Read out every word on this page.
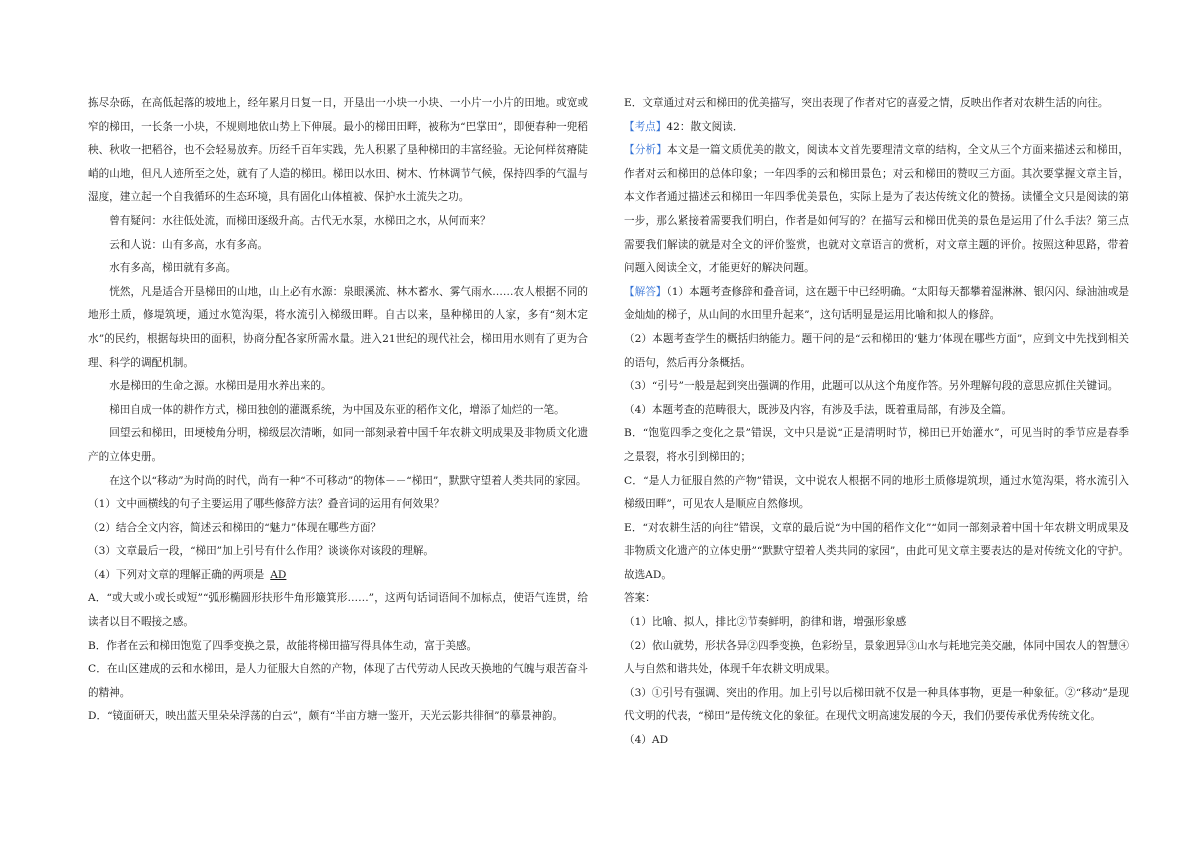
拣尽杂砾，在高低起落的坡地上，经年累月日复一日，开垦出一小块一小块、一小片一小片的田地。或宽或窄的梯田，一长条一小块，不规则地依山势上下伸展。最小的梯田田畔，被称为“巴掌田”，即便春种一兜稻秧、秋收一把稻谷，也不会轻易放弃。历经千百年实践，先人积累了垦种梯田的丰富经验。无论何样贫瘠陡峭的山地，但凡人迹所至之处，就有了人造的梯田。梯田以水田、树木、竹林调节气候，保持四季的气温与湿度，建立起一个自我循环的生态环境，具有固化山体植被、保护水土流失之功。

曾有疑问：水往低处流，而梯田逐级升高。古代无水泵，水梯田之水，从何而来？

云和人说：山有多高，水有多高。

水有多高，梯田就有多高。

恍然，凡是适合开垦梯田的山地，山上必有水源：泉眼溪流、林木蓄水、雾气雨水……农人根据不同的地形土质，修堤筑埂，通过水笕沟渠，将水流引入梯级田畔。自古以来，垦种梯田的人家，多有“刻木定水”的民约，根据每块田的面积，协商分配各家所需水量。进入21世纪的现代社会，梯田用水则有了更为合理、科学的调配机制。

水是梯田的生命之源。水梯田是用水养出来的。

梯田自成一体的耕作方式，梯田独创的灌溉系统，为中国及东亚的稻作文化，增添了灿烂的一笔。

回望云和梯田，田埂棱角分明，梯级层次清晰，如同一部刻录着中国千年农耕文明成果及非物质文化遗产的立体史册。

在这个以“移动”为时尚的时代，尚有一种“不可移动”的物体－－“梯田”，默默守望着人类共同的家园。

（1）文中画横线的句子主要运用了哪些修辞方法？叠音词的运用有何效果？

（2）结合全文内容，简述云和梯田的“魅力”体现在哪些方面？

（3）文章最后一段，“梯田”加上引号有什么作用？谈谈你对该段的理解。

（4）下列对文章的理解正确的两项是 AD

A．“或大或小或长或短”“弧形椭圆形扶形牛角形簸箕形……”，这两句话词语间不加标点，使语气连贯，给读者以目不暇接之感。

B．作者在云和梯田饱览了四季变换之景，故能将梯田描写得具体生动，富于美感。

C．在山区建成的云和水梯田，是人力征服大自然的产物，体现了古代劳动人民改天换地的气魄与艰苦奋斗的精神。

D．“镜面研天，映出蓝天里朵朵浮荡的白云”，颇有“半亩方塘一鉴开，天光云影共徘徊”的摹景神韵。

E．文章通过对云和梯田的优美描写，突出表现了作者对它的喜爱之情，反映出作者对农耕生活的向往。

【考点】42：散文阅读．

【分析】本文是一篇文质优美的散文，阅读本文首先要理清文章的结构，全文从三个方面来描述云和梯田，作者对云和梯田的总体印象；一年四季的云和梯田景色；对云和梯田的赞叹三方面。其次要掌握文章主旨，本文作者通过描述云和梯田一年四季优美景色，实际上是为了表达传统文化的赞扬。读懂全文只是阅读的第一步，那么紧接着需要我们明白，作者是如何写的？在描写云和梯田优美的景色是运用了什么手法？第三点需要我们解读的就是对全文的评价鉴赏，也就对文章语言的赏析，对文章主题的评价。按照这种思路，带着问题入阅读全文，才能更好的解决问题。

【解答】（1）本题考查修辞和叠音词，这在题干中已经明确。“太阳每天都攀着湿淋淋、银闪闪、绿油油或是金灿灿的梯子，从山间的水田里升起来”，这句话明显是运用比喻和拟人的修辞。

（2）本题考查学生的概括归纳能力。题干问的是“云和梯田的‘魅力’体现在哪些方面”，应到文中先找到相关的语句，然后再分条概括。

（3）“引号”一般是起到突出强调的作用，此题可以从这个角度作答。另外理解句段的意思应抓住关键词。

（4）本题考查的范畴很大，既涉及内容，有涉及手法，既着重局部，有涉及全篇。

B．“饱览四季之变化之景”错误，文中只是说“正是清明时节，梯田已开始灌水”，可见当时的季节应是春季之景裂，将水引到梯田的；

C．“是人力征服自然的产物”错误，文中说农人根据不同的地形土质修堤筑坝，通过水笕沟渠，将水流引入梯级田畔”，可见农人是顺应自然修坝。

E．“对农耕生活的向往”错误，文章的最后说“为中国的稻作文化”“如同一部刻录着中国十年农耕文明成果及非物质文化遗产的立体史册”“默默守望着人类共同的家园”，由此可见文章主要表达的是对传统文化的守护。故选AD。

答案：

（1）比喻、拟人，排比②节奏鲜明，韵律和谐，增强形象感

（2）依山就势，形状各异②四季变换，色彩纷呈，景象迥异③山水与耗地完美交融，体同中国农人的智慧④人与自然和谐共处，体现千年农耕文明成果。

（3）①引号有强调、突出的作用。加上引号以后梯田就不仅是一种具体事物，更是一种象征。②“移动”是现代文明的代表，“梯田”是传统文化的象征。在现代文明高速发展的今天，我们仍要传承优秀传统文化。

（4）AD
